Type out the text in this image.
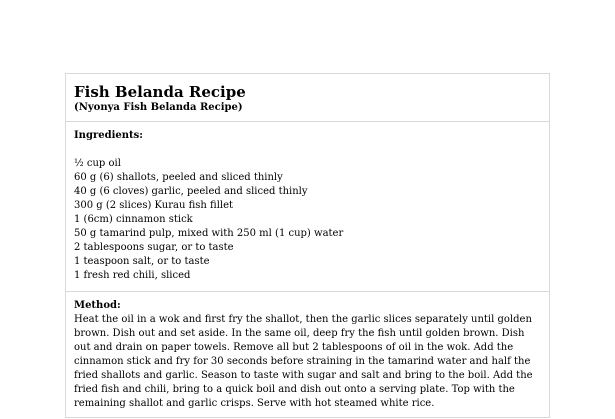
Fish Belanda Recipe
(Nyonya Fish Belanda Recipe)
Ingredients:
½ cup oil
60 g (6) shallots, peeled and sliced thinly
40 g (6 cloves) garlic, peeled and sliced thinly
300 g (2 slices) Kurau fish fillet
1 (6cm) cinnamon stick
50 g tamarind pulp, mixed with 250 ml (1 cup) water
2 tablespoons sugar, or to taste
1 teaspoon salt, or to taste
1 fresh red chili, sliced
Method:

Heat the oil in a wok and first fry the shallot, then the garlic slices separately until golden brown. Dish out and set aside. In the same oil, deep fry the fish until golden brown. Dish out and drain on paper towels. Remove all but 2 tablespoons of oil in the wok. Add the cinnamon stick and fry for 30 seconds before straining in the tamarind water and half the fried shallots and garlic. Season to taste with sugar and salt and bring to the boil. Add the fried fish and chili, bring to a quick boil and dish out onto a serving plate. Top with the remaining shallot and garlic crisps. Serve with hot steamed white rice.
